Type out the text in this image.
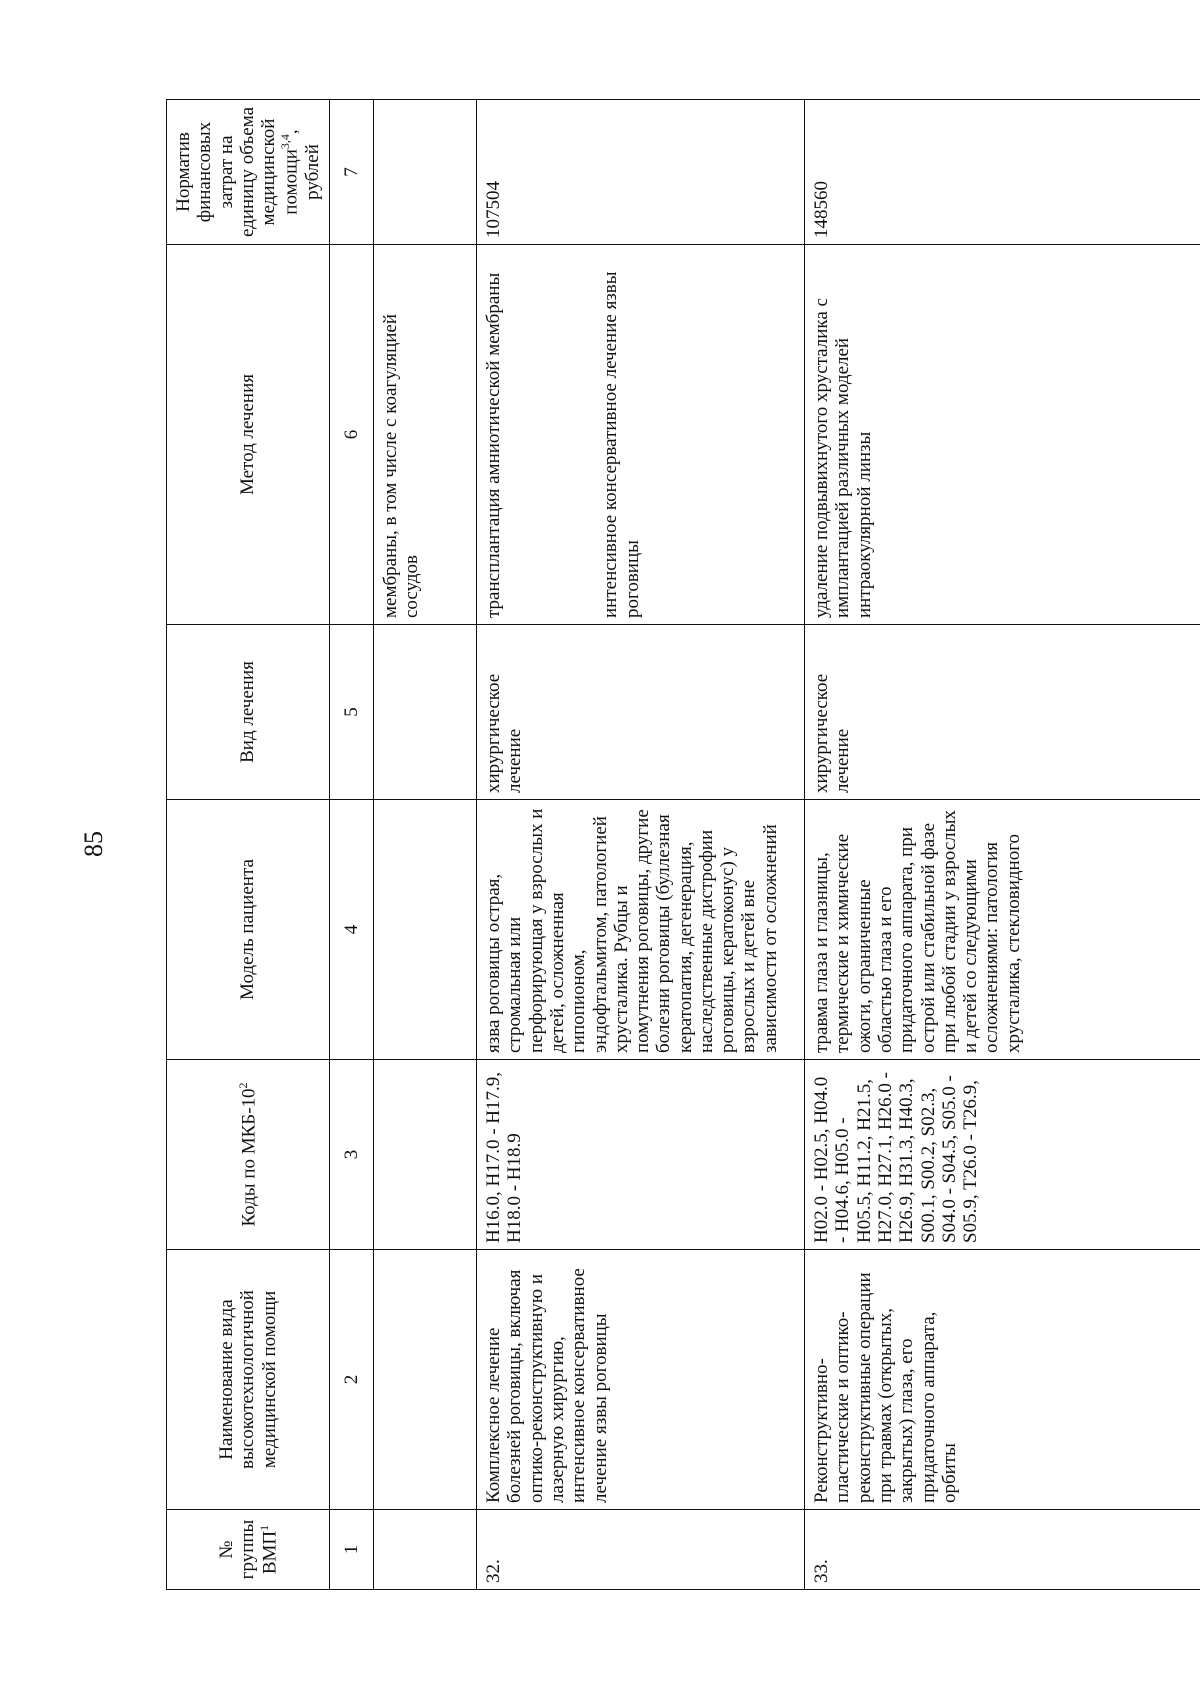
85
№ группы ВМП$^1$	Наименование вида высокотехнологичной медицинской помощи	Коды по МКБ-$10^2$	Модель пациента	Вид лечения	Метод лечения	Норматив финансовых затрат на единицу объема медицинской помощи$^{3,4}$, рублей
1	2	3	4	5	6	7
					мембраны, в том числе с коагуляцией сосудов	
32.	Комплексное лечение болезней роговицы, включая оптико-реконструктивную и лазерную хирургию, интенсивное консервативное лечение язвы роговицы	H16.0, H17.0 - H17.9, H18.0 - H18.9	язва роговицы острая, стромальная или перфорирующая у взрослых и детей, осложненная гипопионом, эндофтальмитом, патологией хрусталика. Рубцы и помутнения роговицы, другие болезни роговицы (буллезная кератопатия, дегенерация, наследственные дистрофии роговицы, кератоконус) у взрослых и детей вне зависимости от осложнений	хирургическое лечение	трансплантация амниотической мембраны интенсивное консервативное лечение язвы роговицы	107504
33.	Реконструктивно-пластические и оптико-реконструктивные операции при травмах (открытых, закрытых) глаза, его придаточного аппарата, орбиты	H02.0 - H02.5, H04.0 - H04.6, H05.0 - H05.5, H11.2, H21.5, H27.0, H27.1, H26.0 - H26.9, H31.3, H40.3, S00.1, S00.2, S02.3, S04.0 - S04.5, S05.0 - S05.9, T26.0 - T26.9,	травма глаза и глазницы, термические и химические ожоги, ограниченные областью глаза и его придаточного аппарата, при острой или стабильной фазе при любой стадии у взрослых и детей со следующими осложнениями: патология хрусталика, стекловидного	хирургическое лечение	удаление подвывихнутого хрусталика с имплантацией различных моделей интраокулярной линзы	148560
